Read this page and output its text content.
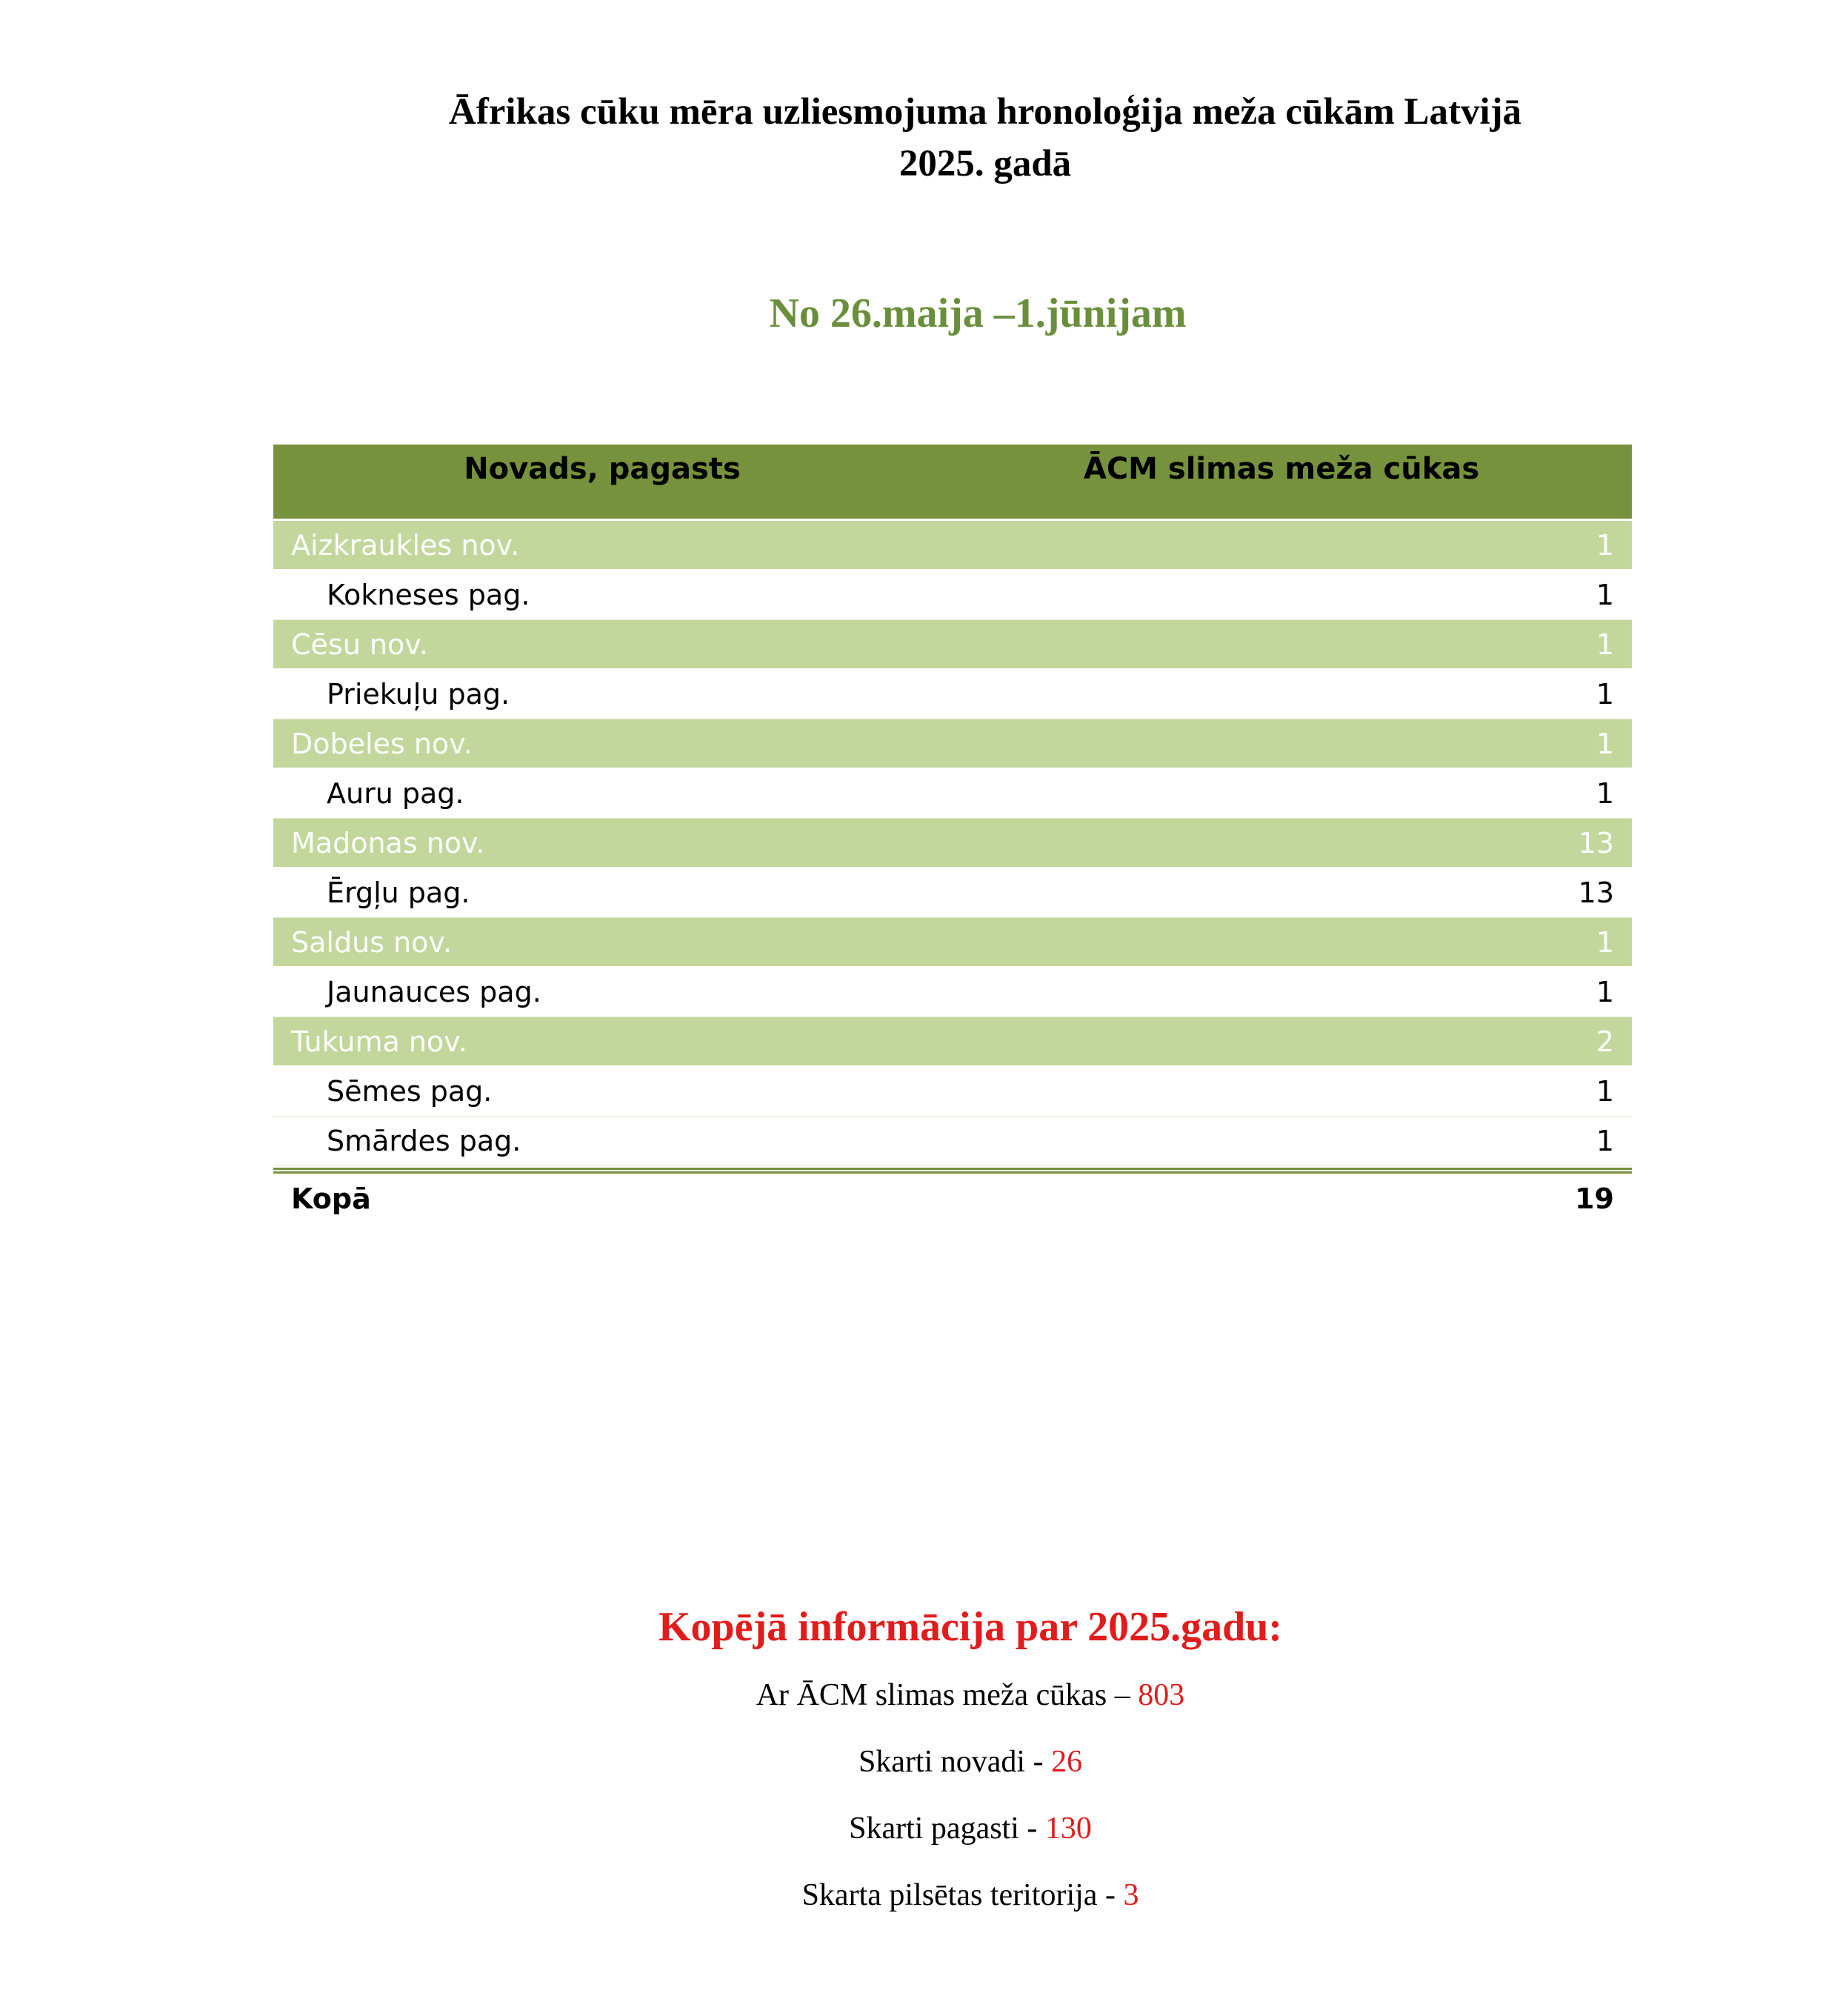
Āfrikas cūku mēra uzliesmojuma hronoloģija meža cūkām Latvijā
2025. gadā
No 26.maija –1.jūnijam
Novads, pagasts	ĀCM slimas meža cūkas
Aizkraukles nov.	1
Kokneses pag.	1
Cēsu nov.	1
Priekuļu pag.	1
Dobeles nov.	1
Auru pag.	1
Madonas nov.	13
Ērgļu pag.	13
Saldus nov.	1
Jaunauces pag.	1
Tukuma nov.	2
Sēmes pag.	1
Smārdes pag.	1
Kopā	19
Kopējā informācija par 2025.gadu:
Ar ĀCM slimas meža cūkas – 803
Skarti novadi - 26
Skarti pagasti - 130
Skarta pilsētas teritorija - 3
